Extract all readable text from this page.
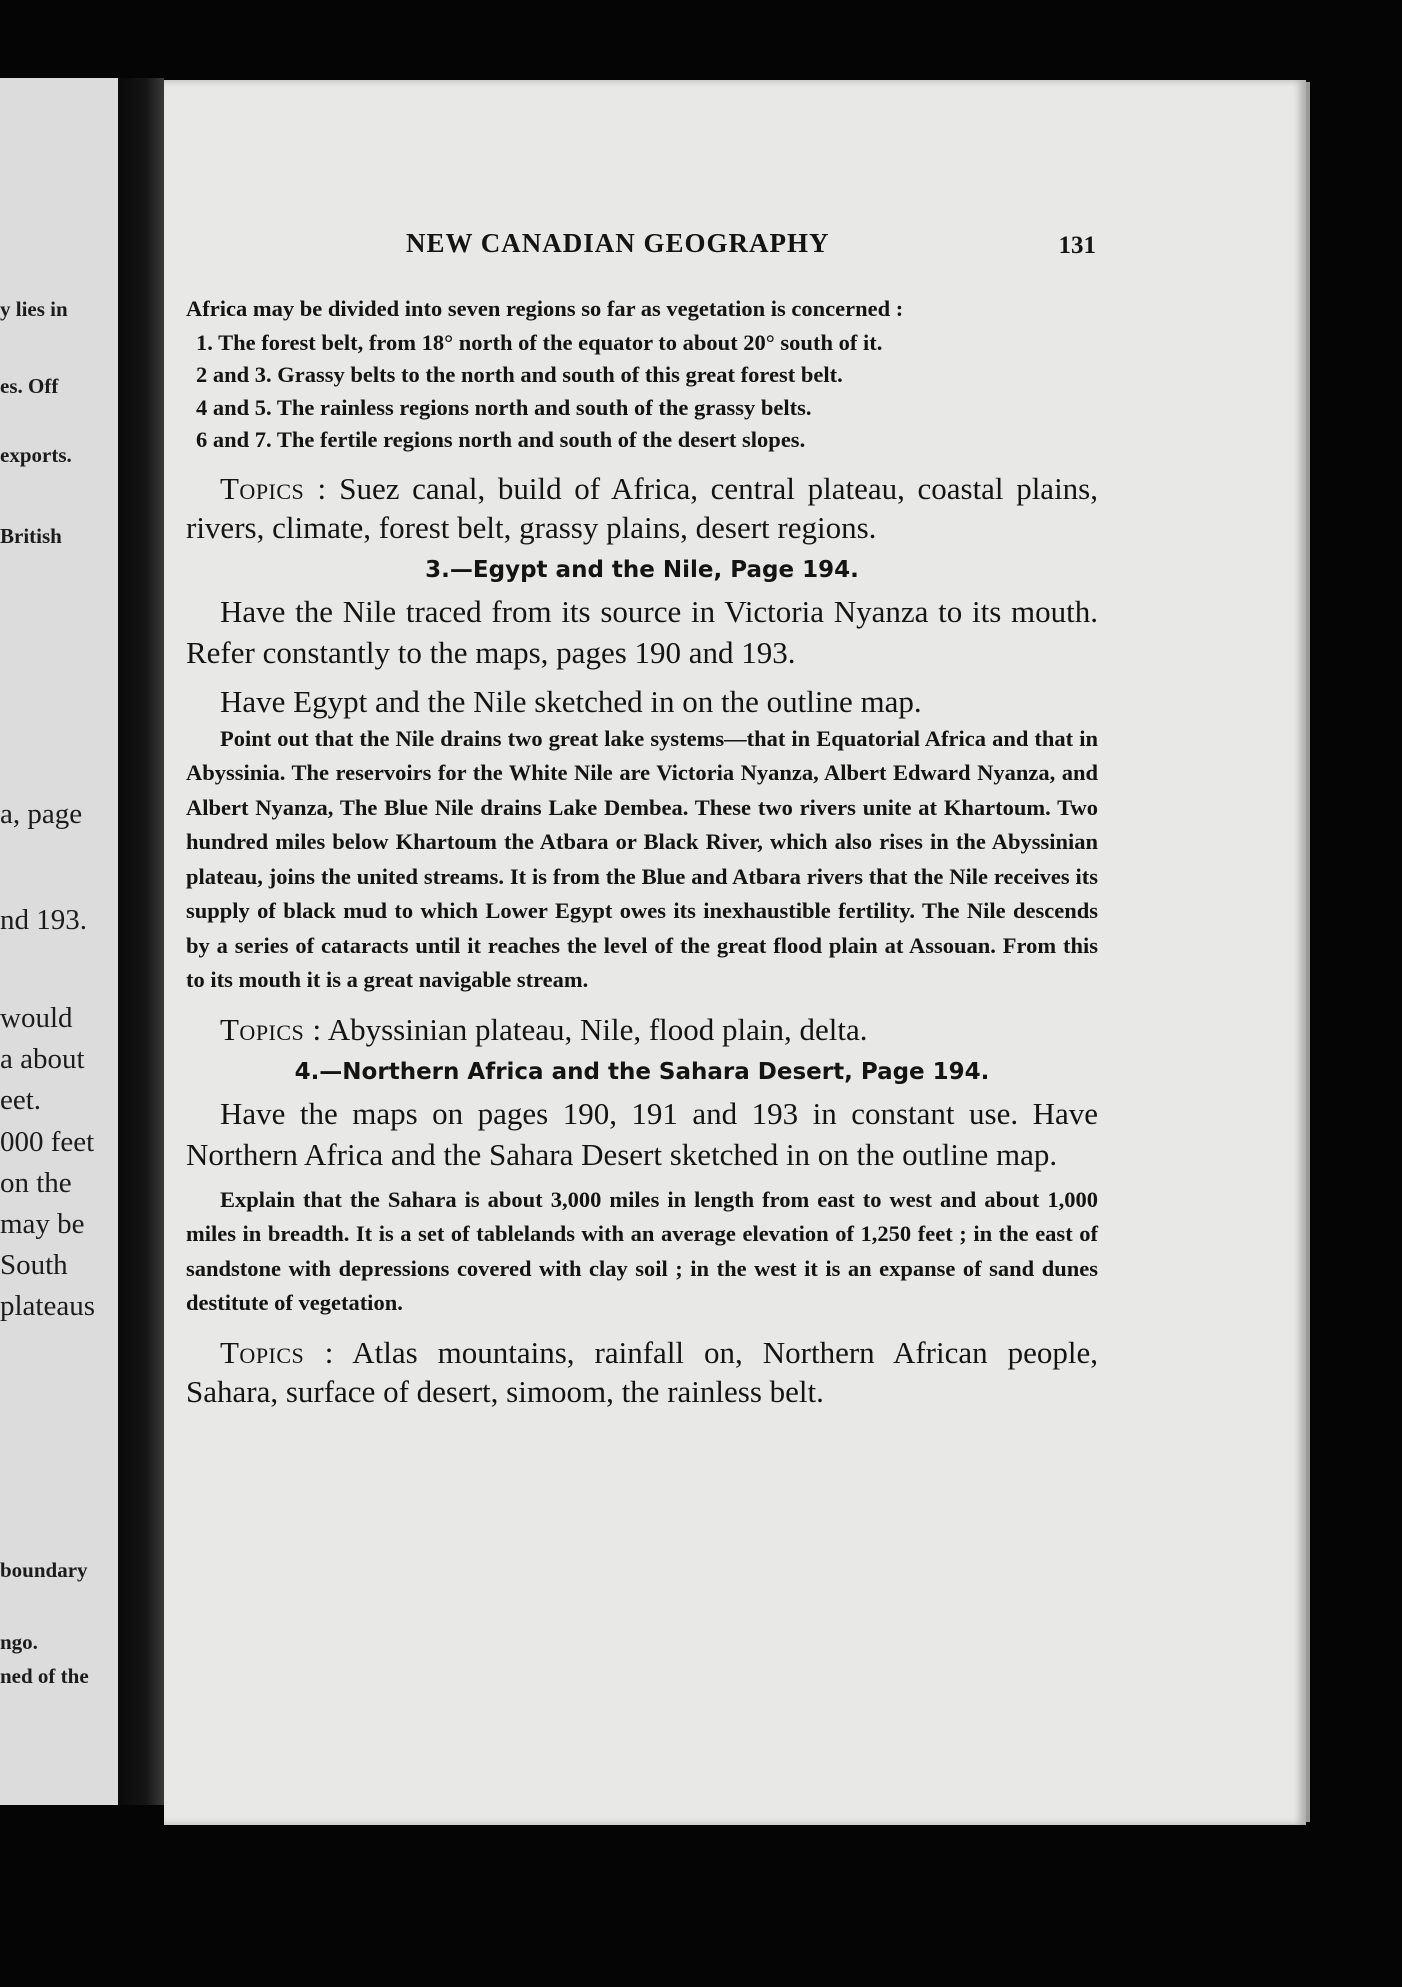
y lies in
es. Off
exports.
British
a, page
nd 193.
would
a about
eet.
000 feet
on the
may be
South
plateaus
boundary
ngo.
ned of the
NEW CANADIAN GEOGRAPHY	131

Africa may be divided into seven regions so far as vegetation is concerned :

1. The forest belt, from 18° north of the equator to about 20° south of it.
2 and 3. Grassy belts to the north and south of this great forest belt.
4 and 5. The rainless regions north and south of the grassy belts.
6 and 7. The fertile regions north and south of the desert slopes.

Topics : Suez canal, build of Africa, central plateau, coastal plains, rivers, climate, forest belt, grassy plains, desert regions.

3.—Egypt and the Nile, Page 194.

Have the Nile traced from its source in Victoria Nyanza to its mouth. Refer constantly to the maps, pages 190 and 193.

Have Egypt and the Nile sketched in on the outline map.

Point out that the Nile drains two great lake systems—that in Equatorial Africa and that in Abyssinia. The reservoirs for the White Nile are Victoria Nyanza, Albert Edward Nyanza, and Albert Nyanza, The Blue Nile drains Lake Dembea. These two rivers unite at Khartoum. Two hundred miles below Khartoum the Atbara or Black River, which also rises in the Abyssinian plateau, joins the united streams. It is from the Blue and Atbara rivers that the Nile receives its supply of black mud to which Lower Egypt owes its inexhaustible fertility. The Nile descends by a series of cataracts until it reaches the level of the great flood plain at Assouan. From this to its mouth it is a great navigable stream.

Topics : Abyssinian plateau, Nile, flood plain, delta.

4.—Northern Africa and the Sahara Desert, Page 194.

Have the maps on pages 190, 191 and 193 in constant use. Have Northern Africa and the Sahara Desert sketched in on the outline map.

Explain that the Sahara is about 3,000 miles in length from east to west and about 1,000 miles in breadth. It is a set of tablelands with an average elevation of 1,250 feet ; in the east of sandstone with depressions covered with clay soil ; in the west it is an expanse of sand dunes destitute of vegetation.

Topics : Atlas mountains, rainfall on, Northern African people, Sahara, surface of desert, simoom, the rainless belt.
